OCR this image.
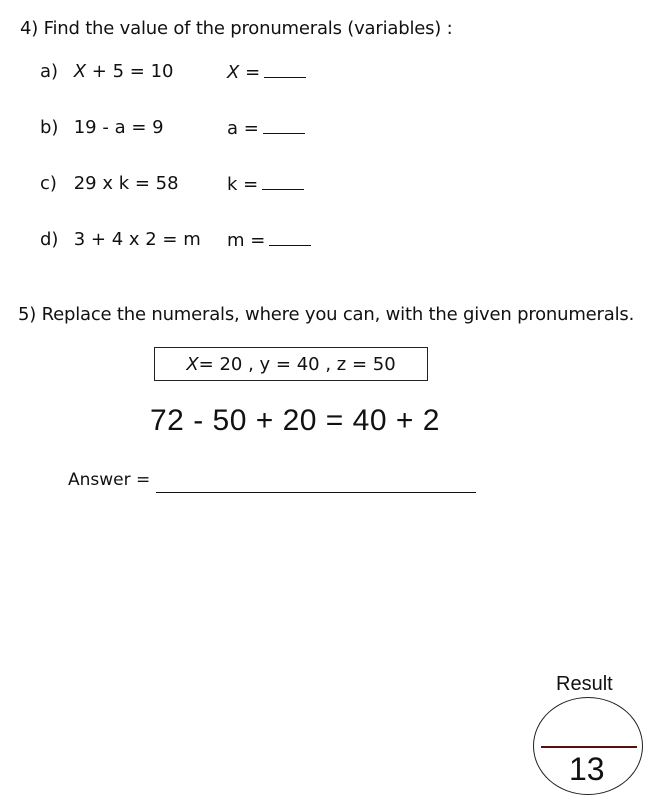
4) Find the value of the pronumerals (variables) :
a) X + 5 = 10	X =
b) 19 - a = 9	a =
c) 29 x k = 58	k =
d) 3 + 4 x 2 = m m =
5) Replace the numerals, where you can, with the given pronumerals.
X = 20 , y = 40 , z = 50
72 - 50 + 20 = 40 + 2
Answer =
Result
13
